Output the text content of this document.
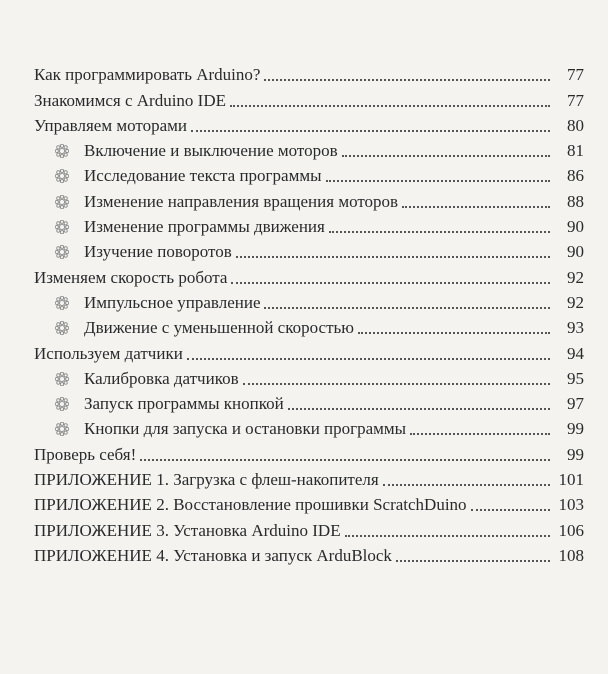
Как программировать Arduino?	77
Знакомимся с Arduino IDE	77
Управляем моторами	80
Включение и выключение моторов	81
Исследование текста программы	86
Изменение направления вращения моторов	88
Изменение программы движения	90
Изучение поворотов	90
Изменяем скорость робота	92
Импульсное управление	92
Движение с уменьшенной скоростью	93
Используем датчики	94
Калибровка датчиков	95
Запуск программы кнопкой	97
Кнопки для запуска и остановки программы	99
Проверь себя!	99
ПРИЛОЖЕНИЕ 1. Загрузка с флеш-накопителя	101
ПРИЛОЖЕНИЕ 2. Восстановление прошивки ScratchDuino	103
ПРИЛОЖЕНИЕ 3. Установка Arduino IDE	106
ПРИЛОЖЕНИЕ 4. Установка и запуск ArduBlock	108
